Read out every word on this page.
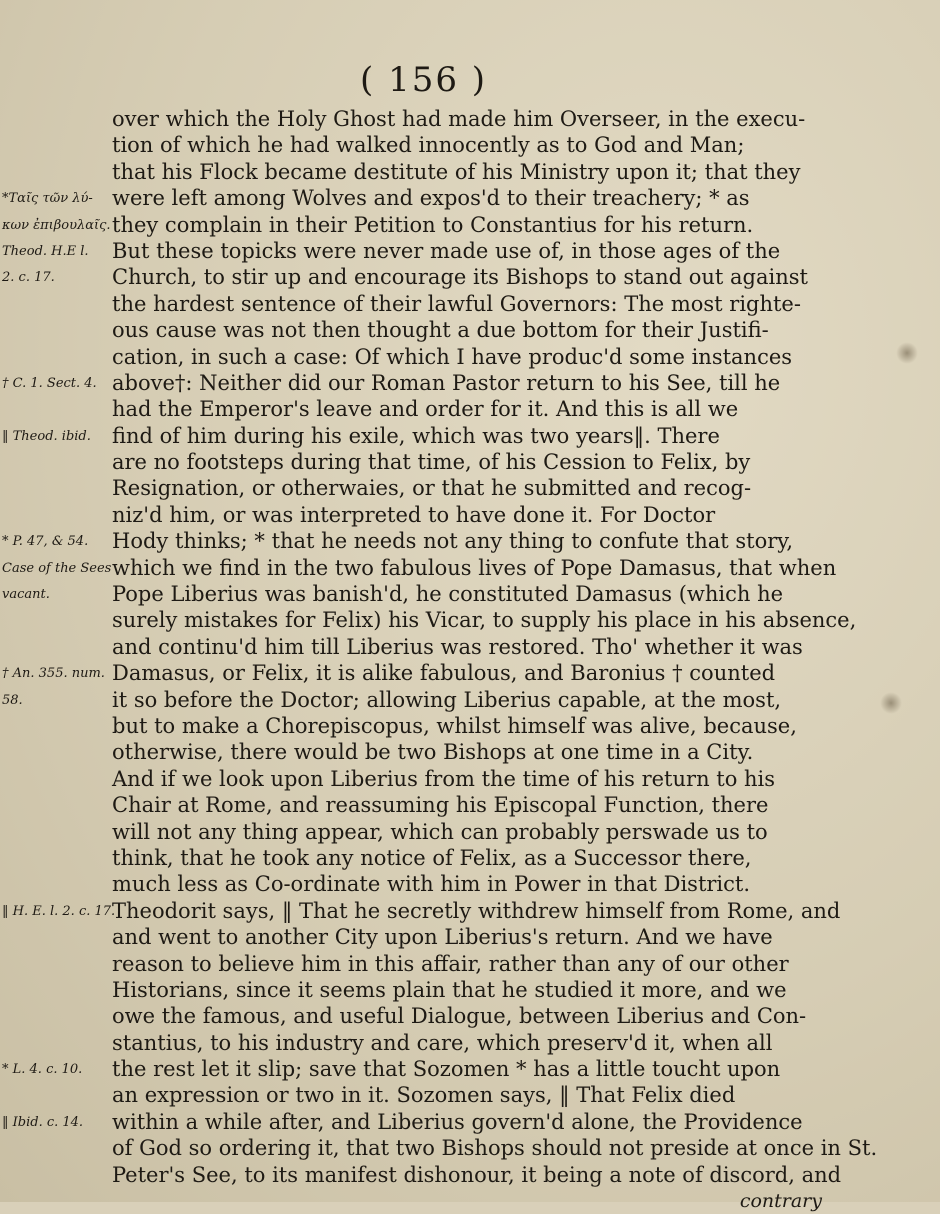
( 156 )
over which the Holy Ghost had made him Overseer, in the execu-
tion of which he had walked innocently as to God and Man;
that his Flock became destitute of his Ministry upon it; that they
were left among Wolves and expos'd to their treachery; * as
they complain in their Petition to Constantius for his return.
But these topicks were never made use of, in those ages of the
Church, to stir up and encourage its Bishops to stand out against
the hardest sentence of their lawful Governors: The most righte-
ous cause was not then thought a due bottom for their Justifi-
cation, in such a case: Of which I have produc'd some instances
above†: Neither did our Roman Pastor return to his See, till he
had the Emperor's leave and order for it. And this is all we
find of him during his exile, which was two years‖. There
are no footsteps during that time, of his Cession to Felix, by
Resignation, or otherwaies, or that he submitted and recog-
niz'd him, or was interpreted to have done it. For Doctor
Hody thinks; * that he needs not any thing to confute that story,
which we find in the two fabulous lives of Pope Damasus, that when
Pope Liberius was banish'd, he constituted Damasus (which he
surely mistakes for Felix) his Vicar, to supply his place in his absence,
and continu'd him till Liberius was restored. Tho' whether it was
Damasus, or Felix, it is alike fabulous, and Baronius † counted
it so before the Doctor; allowing Liberius capable, at the most,
but to make a Chorepiscopus, whilst himself was alive, because,
otherwise, there would be two Bishops at one time in a City.
And if we look upon Liberius from the time of his return to his
Chair at Rome, and reassuming his Episcopal Function, there
will not any thing appear, which can probably perswade us to
think, that he took any notice of Felix, as a Successor there,
much less as Co-ordinate with him in Power in that District.
Theodorit says, ‖ That he secretly withdrew himself from Rome, and
and went to another City upon Liberius's return. And we have
reason to believe him in this affair, rather than any of our other
Historians, since it seems plain that he studied it more, and we
owe the famous, and useful Dialogue, between Liberius and Con-
stantius, to his industry and care, which preserv'd it, when all
the rest let it slip; save that Sozomen * has a little toucht upon
an expression or two in it. Sozomen says, ‖ That Felix died
within a while after, and Liberius govern'd alone, the Providence
of God so ordering it, that two Bishops should not preside at once in St.
Peter's See, to its manifest dishonour, it being a note of discord, and
contrary
*Ταῖς τῶν λύ-
κων ἐπιβουλαῖς.
Theod. H.E l.
2. c. 17.
† C. 1. Sect. 4.
‖ Theod. ibid.
* P. 47, & 54.
Case of the Sees
vacant.
† An. 355. num.
58.
‖ H. E. l. 2. c. 17.
* L. 4. c. 10.
‖ Ibid. c. 14.
